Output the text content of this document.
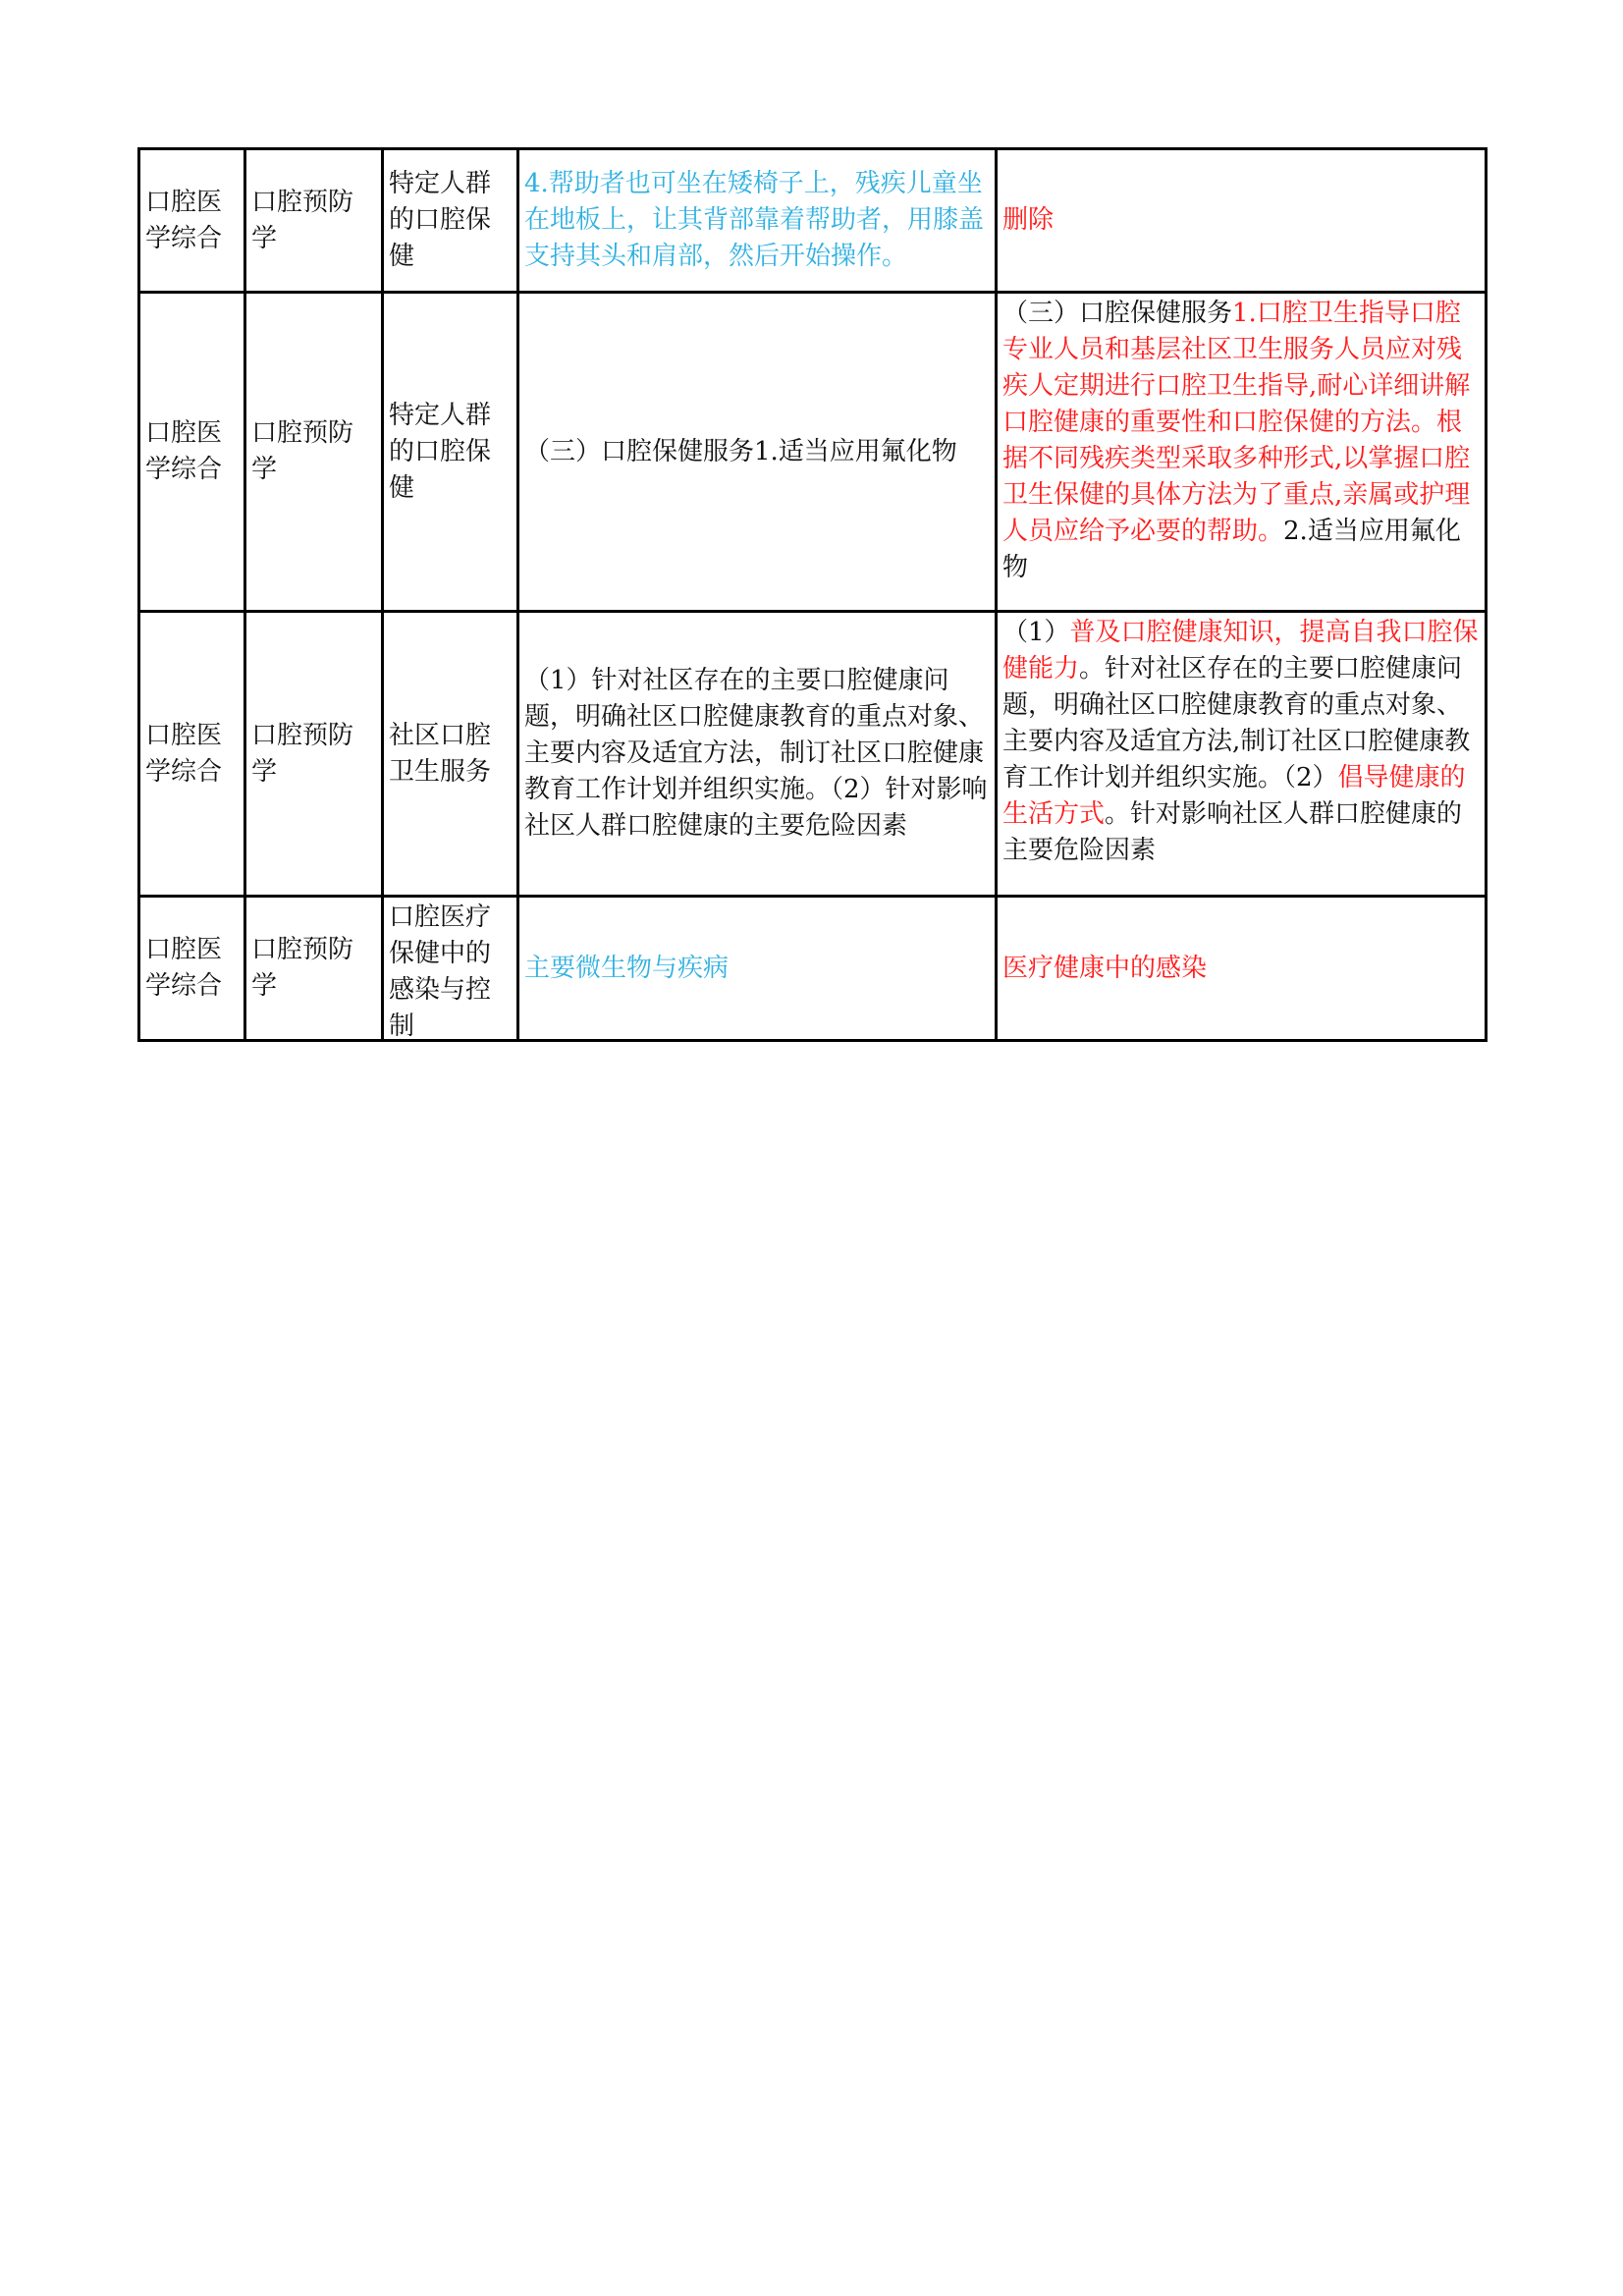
口腔医学综合	口腔预防学	特定人群的口腔保健	4.帮助者也可坐在矮椅子上，残疾儿童坐在地板上，让其背部靠着帮助者，用膝盖支持其头和肩部，然后开始操作。	删除

口腔医学综合	口腔预防学	特定人群的口腔保健	（三）口腔保健服务1.适当应用氟化物	（三）口腔保健服务1.口腔卫生指导口腔专业人员和基层社区卫生服务人员应对残疾人定期进行口腔卫生指导,耐心详细讲解口腔健康的重要性和口腔保健的方法。根据不同残疾类型采取多种形式,以掌握口腔卫生保健的具体方法为了重点,亲属或护理人员应给予必要的帮助。2.适当应用氟化物

口腔医学综合	口腔预防学	社区口腔卫生服务	（1）针对社区存在的主要口腔健康问题，明确社区口腔健康教育的重点对象、主要内容及适宜方法，制订社区口腔健康教育工作计划并组织实施。（2）针对影响社区人群口腔健康的主要危险因素	（1）普及口腔健康知识，提高自我口腔保健能力。针对社区存在的主要口腔健康问题，明确社区口腔健康教育的重点对象、主要内容及适宜方法,制订社区口腔健康教育工作计划并组织实施。（2）倡导健康的生活方式。针对影响社区人群口腔健康的主要危险因素

口腔医学综合	口腔预防学	口腔医疗保健中的感染与控制	主要微生物与疾病	医疗健康中的感染
